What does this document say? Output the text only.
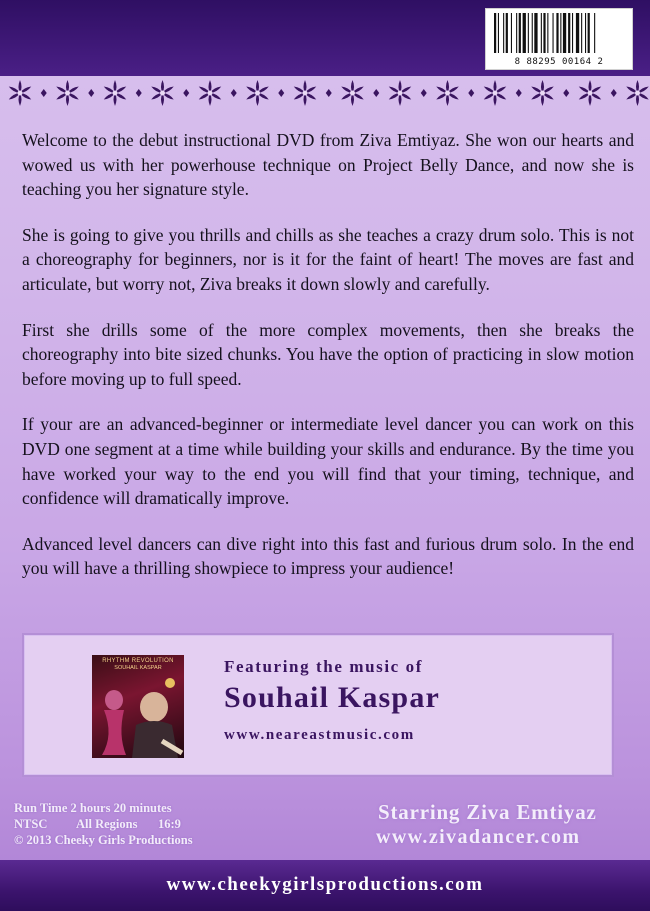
8 88295 00164 2

Welcome to the debut instructional DVD from Ziva Emtiyaz. She won our hearts and wowed us with her powerhouse technique on Project Belly Dance, and now she is teaching you her signature style.

She is going to give you thrills and chills as she teaches a crazy drum solo. This is not a choreography for beginners, nor is it for the faint of heart! The moves are fast and articulate, but worry not, Ziva breaks it down slowly and carefully.

First she drills some of the more complex movements, then she breaks the choreography into bite sized chunks. You have the option of practicing in slow motion before moving up to full speed.

If your are an advanced-beginner or intermediate level dancer you can work on this DVD one segment at a time while building your skills and endurance. By the time you have worked your way to the end you will find that your timing, technique, and confidence will dramatically improve.

Advanced level dancers can dive right into this fast and furious drum solo. In the end you will have a thrilling showpiece to impress your audience!

RHYTHM REVOLUTION
SOUHAIL KASPAR	Featuring the music of
Souhail Kaspar
www.neareastmusic.com
Run Time 2 hours 20 minutes
NTSC All Regions 16:9
© 2013 Cheeky Girls Productions
Starring Ziva Emtiyaz
www.zivadancer.com
www.cheekygirlsproductions.com
